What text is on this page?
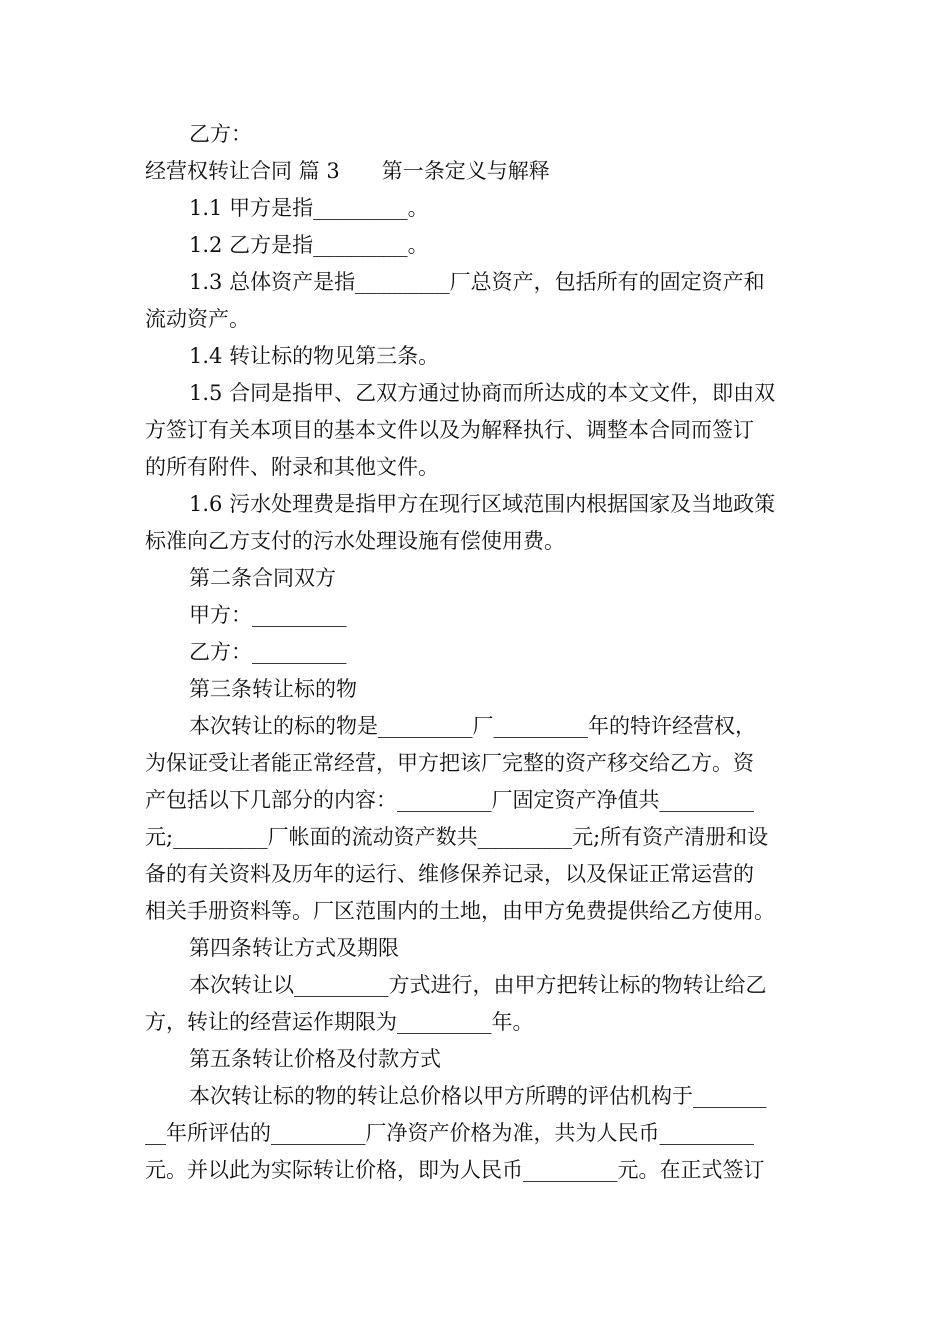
乙方：
经营权转让合同 篇 3 第一条定义与解释
1.1 甲方是指_________。
1.2 乙方是指_________。
1.3 总体资产是指_________厂总资产，包括所有的固定资产和
流动资产。
1.4 转让标的物见第三条。
1.5 合同是指甲、乙双方通过协商而所达成的本文文件，即由双
方签订有关本项目的基本文件以及为解释执行、调整本合同而签订
的所有附件、附录和其他文件。
1.6 污水处理费是指甲方在现行区域范围内根据国家及当地政策
标准向乙方支付的污水处理设施有偿使用费。
第二条合同双方
甲方：_________
乙方：_________
第三条转让标的物
本次转让的标的物是_________厂_________年的特许经营权，
为保证受让者能正常经营，甲方把该厂完整的资产移交给乙方。资
产包括以下几部分的内容：_________厂固定资产净值共_________
元;_________厂帐面的流动资产数共_________元;所有资产清册和设
备的有关资料及历年的运行、维修保养记录，以及保证正常运营的
相关手册资料等。厂区范围内的土地，由甲方免费提供给乙方使用。
第四条转让方式及期限
本次转让以_________方式进行，由甲方把转让标的物转让给乙
方，转让的经营运作期限为_________年。
第五条转让价格及付款方式
本次转让标的物的转让总价格以甲方所聘的评估机构于_______
__年所评估的_________厂净资产价格为准，共为人民币_________
元。并以此为实际转让价格，即为人民币_________元。在正式签订
